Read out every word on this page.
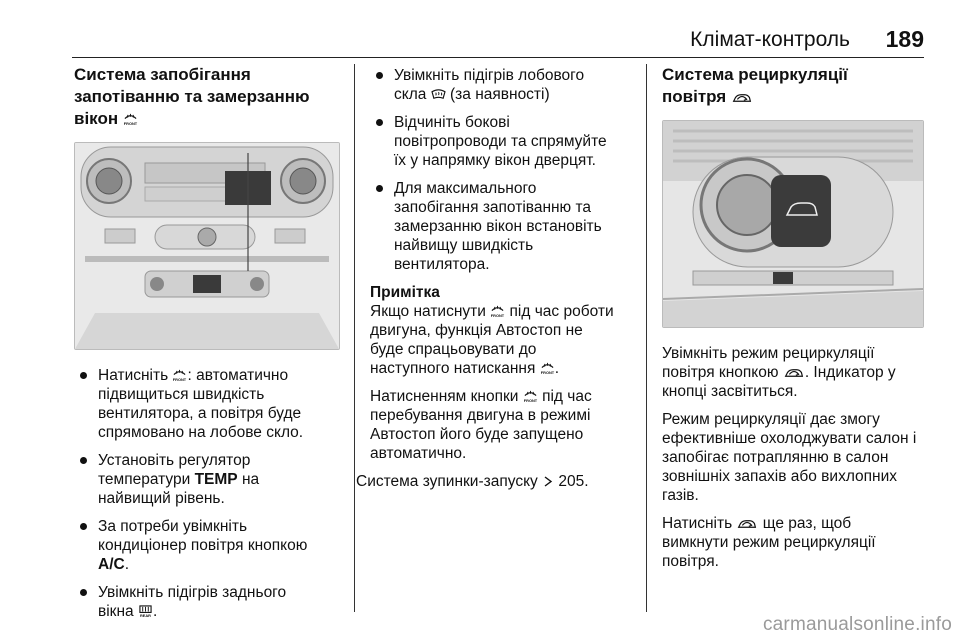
Клімат-контроль 189
Система запобігання
запотіванню та замерзанню
вікон
Натисніть : автоматично
підвищиться швидкість
вентилятора, а повітря буде
спрямовано на лобове скло.
Установіть регулятор
температури TEMP на
найвищий рівень.
За потреби увімкніть
кондиціонер повітря кнопкою
A/C.
Увімкніть підігрів заднього
вікна .
Увімкніть підігрів лобового
скла (за наявності)
Відчиніть бокові
повітропроводи та спрямуйте
їх у напрямку вікон дверцят.
Для максимального
запобігання запотіванню та
замерзанню вікон встановіть
найвищу швидкість
вентилятора.
Примітка
Якщо натиснути під час роботи
двигуна, функція Автостоп не
буде спрацьовувати до
наступного натискання .
Натисненням кнопки під час
перебування двигуна в режимі
Автостоп його буде запущено
автоматично.
Система зупинки-запуску 205.
Система рециркуляції
повітря
Увімкніть режим рециркуляції
повітря кнопкою . Індикатор у
кнопці засвітиться.
Режим рециркуляції дає змогу
ефективніше охолоджувати салон і
запобігає потраплянню в салон
зовнішніх запахів або вихлопних
газів.
Натисніть ще раз, щоб
вимкнути режим рециркуляції
повітря.
carmanualsonline.info
